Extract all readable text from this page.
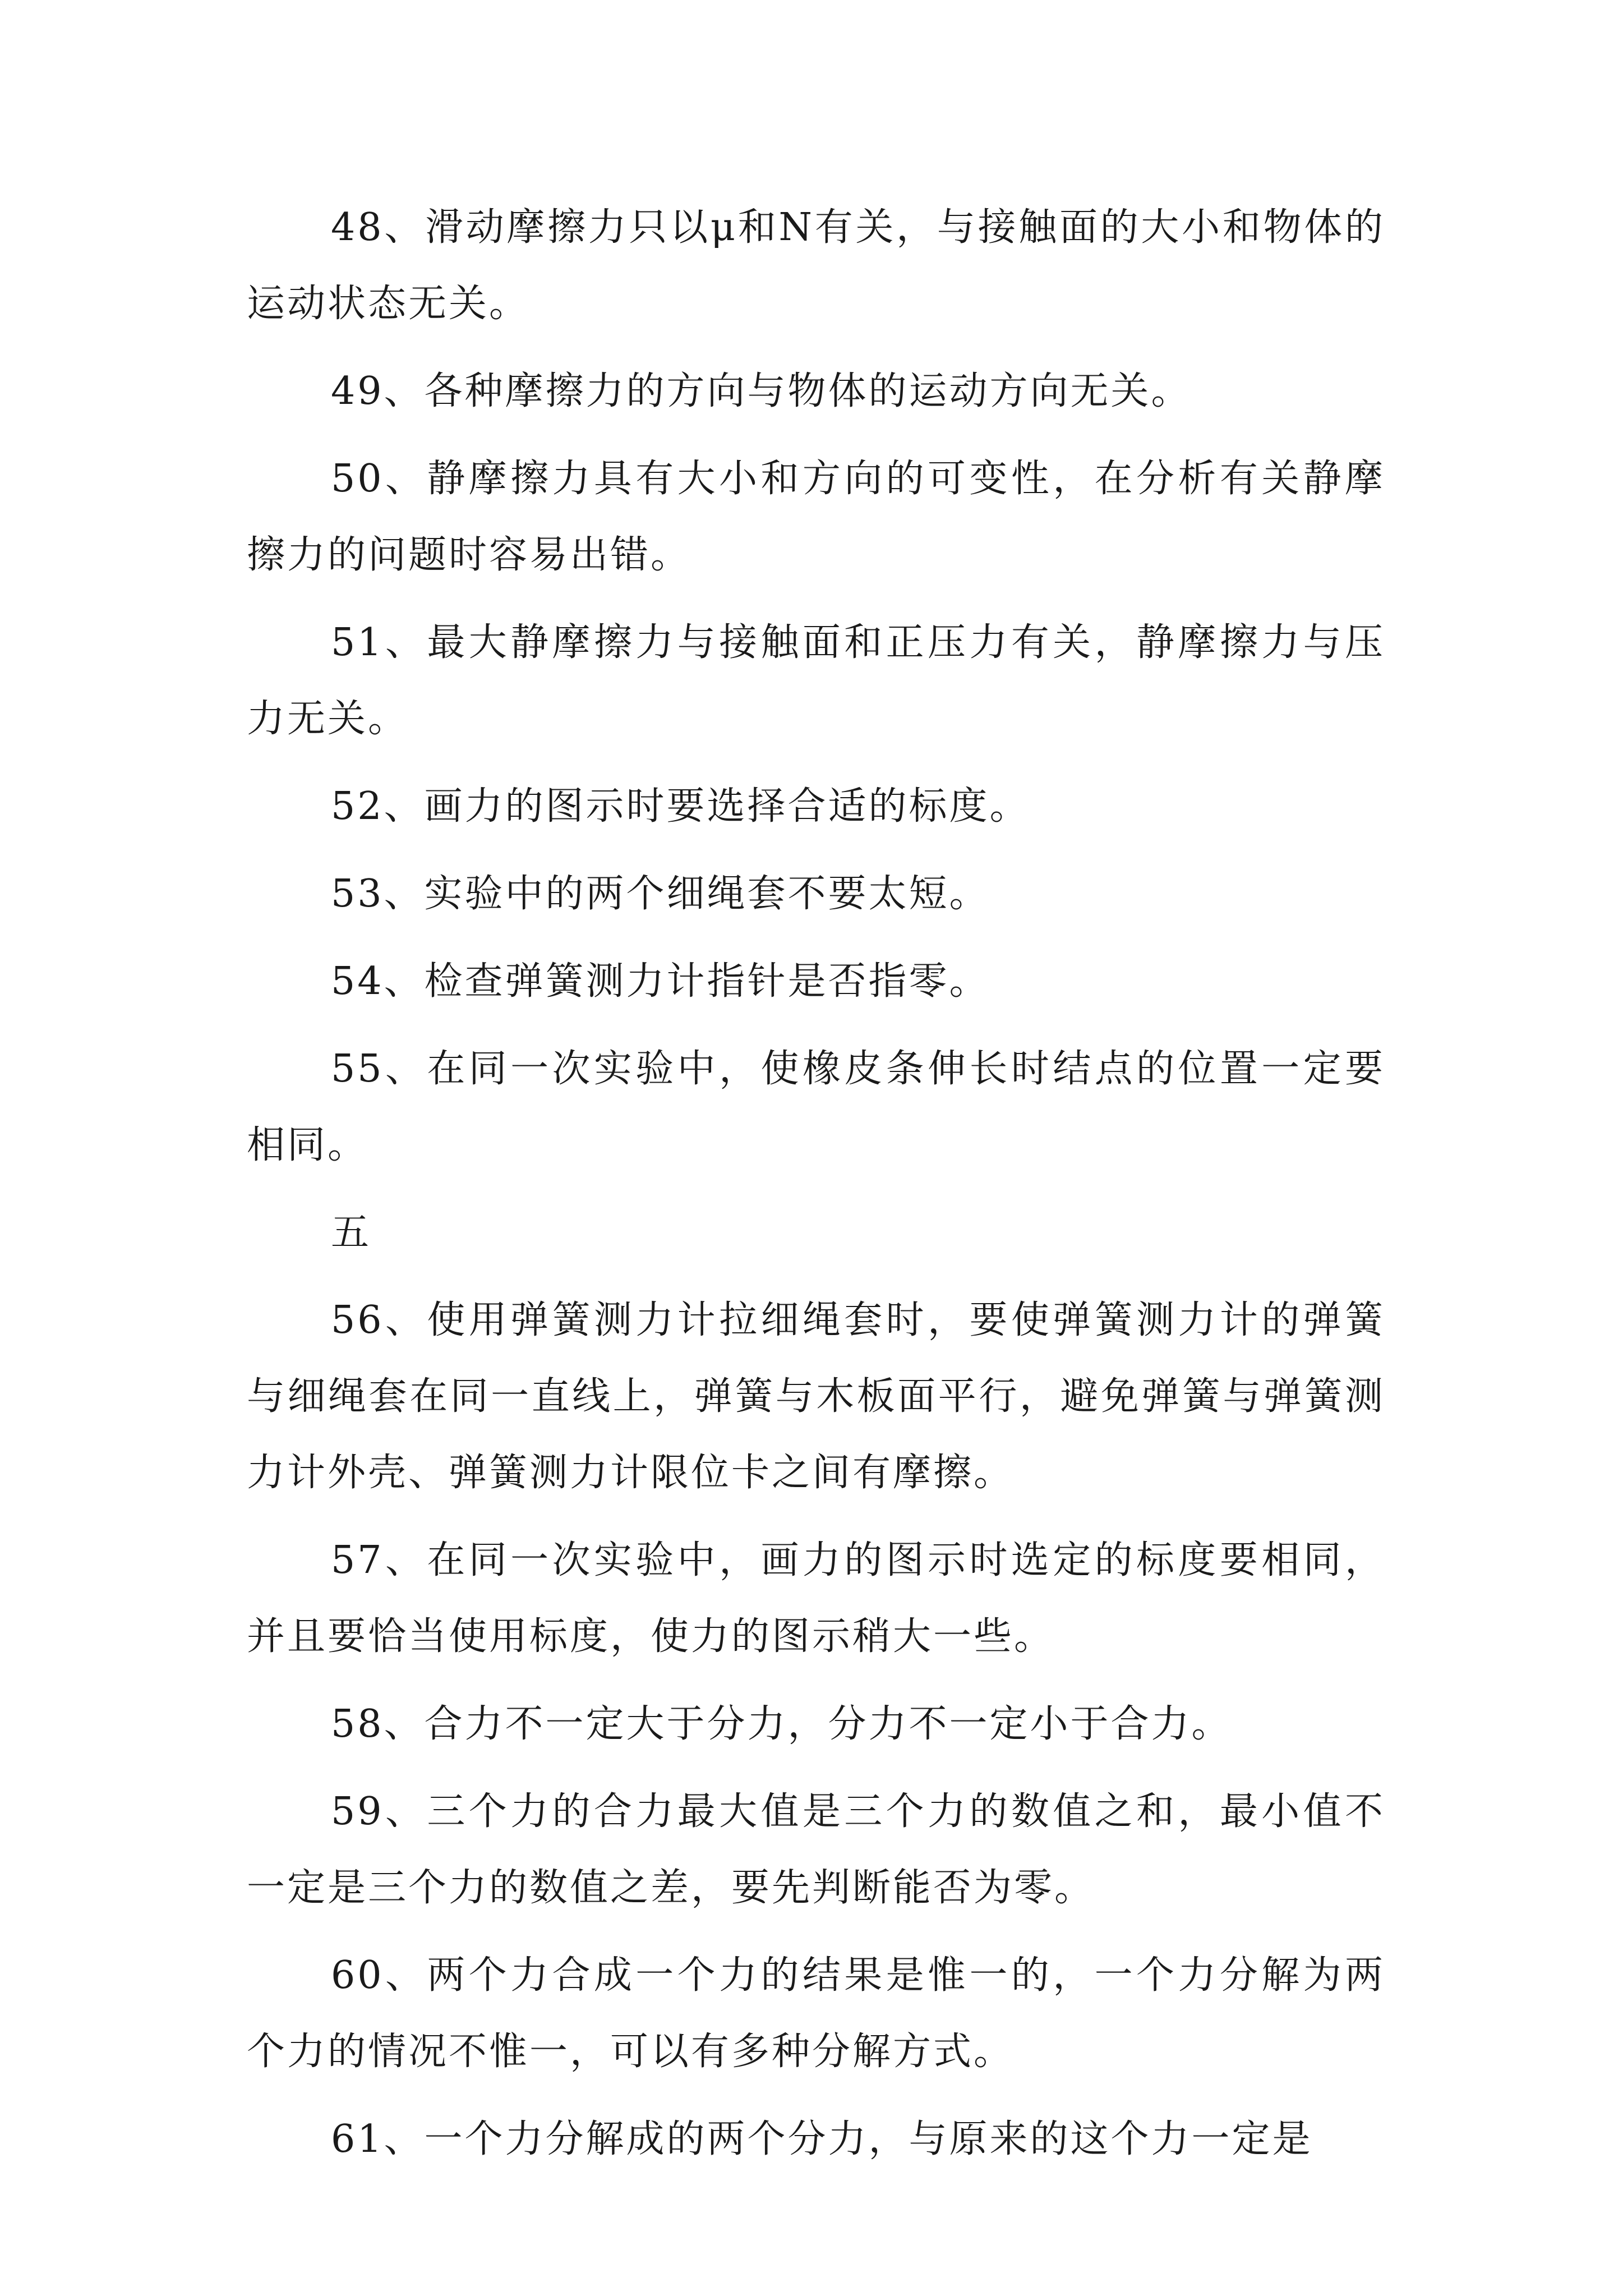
48、滑动摩擦力只以μ和N有关，与接触面的大小和物体的运动状态无关。

49、各种摩擦力的方向与物体的运动方向无关。

50、静摩擦力具有大小和方向的可变性，在分析有关静摩擦力的问题时容易出错。

51、最大静摩擦力与接触面和正压力有关，静摩擦力与压力无关。

52、画力的图示时要选择合适的标度。

53、实验中的两个细绳套不要太短。

54、检查弹簧测力计指针是否指零。

55、在同一次实验中，使橡皮条伸长时结点的位置一定要相同。

五

56、使用弹簧测力计拉细绳套时，要使弹簧测力计的弹簧与细绳套在同一直线上，弹簧与木板面平行，避免弹簧与弹簧测力计外壳、弹簧测力计限位卡之间有摩擦。

57、在同一次实验中，画力的图示时选定的标度要相同，并且要恰当使用标度，使力的图示稍大一些。

58、合力不一定大于分力，分力不一定小于合力。

59、三个力的合力最大值是三个力的数值之和，最小值不一定是三个力的数值之差，要先判断能否为零。

60、两个力合成一个力的结果是惟一的，一个力分解为两个力的情况不惟一，可以有多种分解方式。

61、一个力分解成的两个分力，与原来的这个力一定是
